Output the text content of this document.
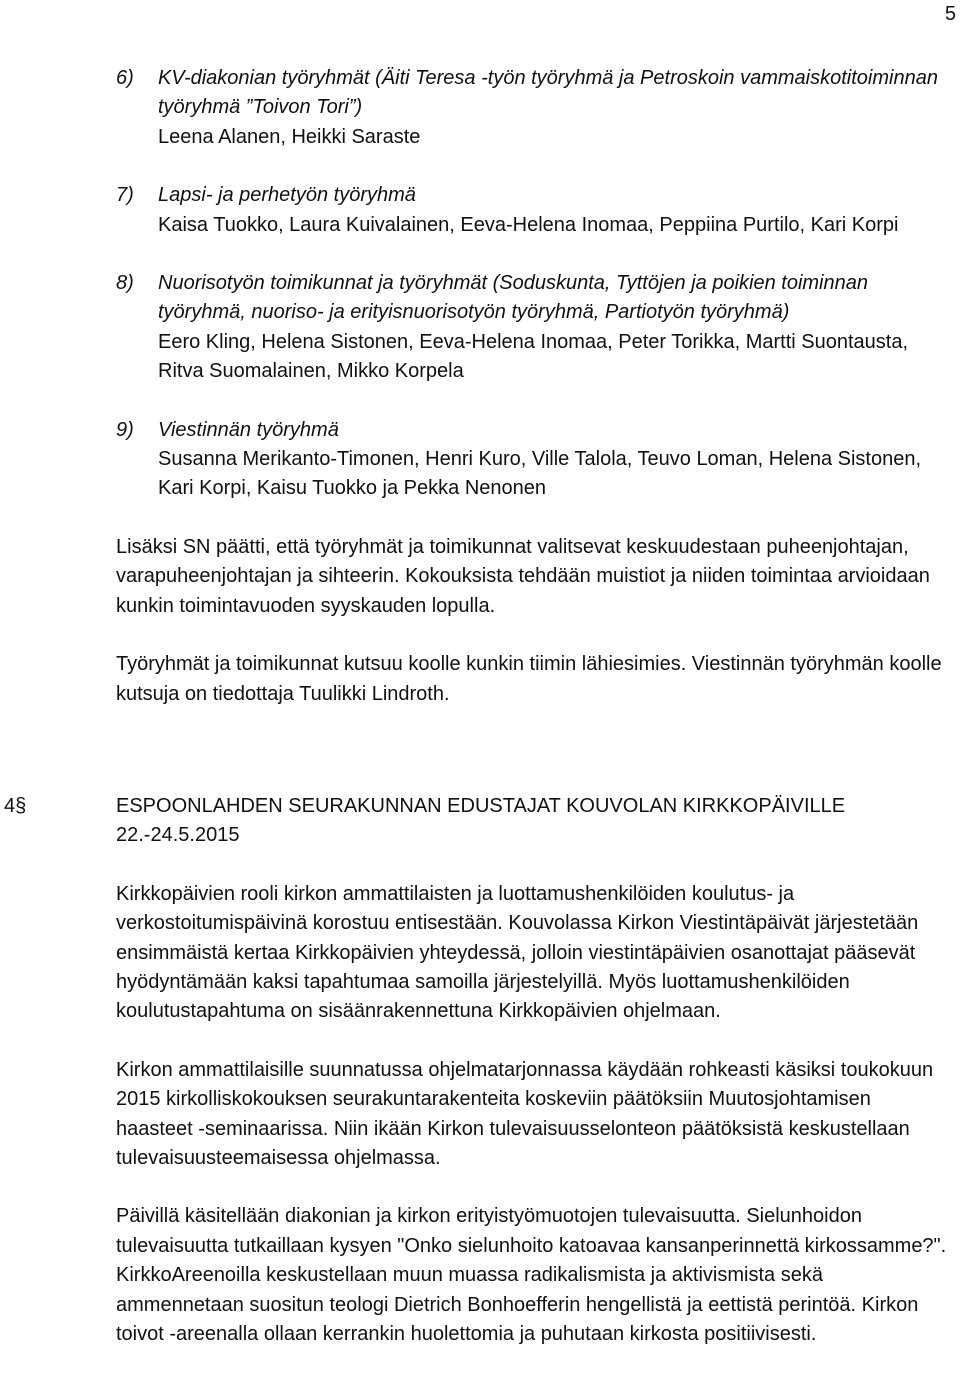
5
6) KV-diakonian työryhmät (Äiti Teresa -työn työryhmä ja Petroskoin vammaiskotitoiminnan työryhmä ”Toivon Tori”)
Leena Alanen, Heikki Saraste
7) Lapsi- ja perhetyön työryhmä
Kaisa Tuokko, Laura Kuivalainen, Eeva-Helena Inomaa, Peppiina Purtilo, Kari Korpi
8) Nuorisotyön toimikunnat ja työryhmät (Soduskunta, Tyttöjen ja poikien toiminnan työryhmä, nuoriso- ja erityisnuorisotyön työryhmä, Partiotyön työryhmä)
Eero Kling, Helena Sistonen, Eeva-Helena Inomaa, Peter Torikka, Martti Suontausta, Ritva Suomalainen, Mikko Korpela
9) Viestinnän työryhmä
Susanna Merikanto-Timonen, Henri Kuro, Ville Talola, Teuvo Loman, Helena Sistonen, Kari Korpi, Kaisu Tuokko ja Pekka Nenonen

Lisäksi SN päätti, että työryhmät ja toimikunnat valitsevat keskuudestaan puheenjohtajan, varapuheenjohtajan ja sihteerin. Kokouksista tehdään muistiot ja niiden toimintaa arvioidaan kunkin toimintavuoden syyskauden lopulla.

Työryhmät ja toimikunnat kutsuu koolle kunkin tiimin lähiesimies. Viestinnän työryhmän koolle kutsuja on tiedottaja Tuulikki Lindroth.

4§	ESPOONLAHDEN SEURAKUNNAN EDUSTAJAT KOUVOLAN KIRKKOPÄIVILLE 22.-24.5.2015

Kirkkopäivien rooli kirkon ammattilaisten ja luottamushenkilöiden koulutus- ja verkostoitumispäivinä korostuu entisestään. Kouvolassa Kirkon Viestintäpäivät järjestetään ensimmäistä kertaa Kirkkopäivien yhteydessä, jolloin viestintäpäivien osanottajat pääsevät hyödyntämään kaksi tapahtumaa samoilla järjestelyillä. Myös luottamushenkilöiden koulutustapahtuma on sisäänrakennettuna Kirkkopäivien ohjelmaan.

Kirkon ammattilaisille suunnatussa ohjelmatarjonnassa käydään rohkeasti käsiksi toukokuun 2015 kirkolliskokouksen seurakuntarakenteita koskeviin päätöksiin Muutosjohtamisen haasteet -seminaarissa. Niin ikään Kirkon tulevaisuusselonteon päätöksistä keskustellaan tulevaisuusteemaisessa ohjelmassa.

Päivillä käsitellään diakonian ja kirkon erityistyömuotojen tulevaisuutta. Sielunhoidon tulevaisuutta tutkaillaan kysyen "Onko sielunhoito katoavaa kansanperinnettä kirkossamme?". KirkkoAreenoilla keskustellaan muun muassa radikalismista ja aktivismista sekä ammennetaan suositun teologi Dietrich Bonhoefferin hengellistä ja eettistä perintöä. Kirkon toivot -areenalla ollaan kerrankin huolettomia ja puhutaan kirkosta positiivisesti.
